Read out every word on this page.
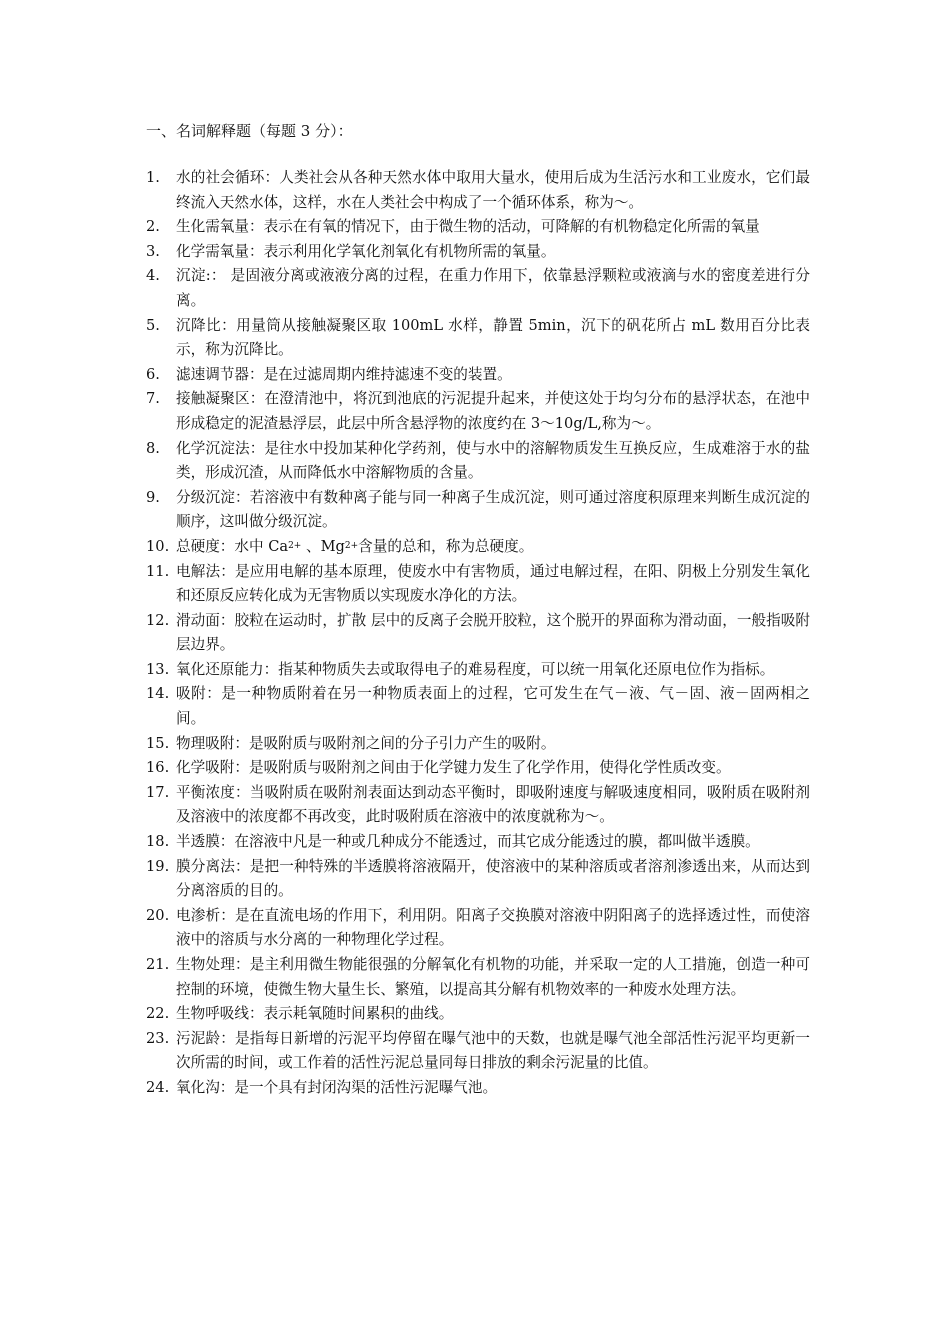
一、名词解释题（每题 3 分）：
1.	水的社会循环：人类社会从各种天然水体中取用大量水，使用后成为生活污水和工业废水，它们最终流入天然水体，这样，水在人类社会中构成了一个循环体系，称为～。
2.	生化需氧量：表示在有氧的情况下，由于微生物的活动，可降解的有机物稳定化所需的氧量
3.	化学需氧量：表示利用化学氧化剂氧化有机物所需的氧量。
4.	沉淀:： 是固液分离或液液分离的过程，在重力作用下，依靠悬浮颗粒或液滴与水的密度差进行分离。
5.	沉降比：用量筒从接触凝聚区取 100mL 水样，静置 5min，沉下的矾花所占 mL 数用百分比表示，称为沉降比。
6.	滤速调节器：是在过滤周期内维持滤速不变的装置。
7.	接触凝聚区：在澄清池中，将沉到池底的污泥提升起来，并使这处于均匀分布的悬浮状态，在池中形成稳定的泥渣悬浮层，此层中所含悬浮物的浓度约在 3～10g/L,称为～。
8.	化学沉淀法：是往水中投加某种化学药剂，使与水中的溶解物质发生互换反应，生成难溶于水的盐类，形成沉渣，从而降低水中溶解物质的含量。
9.	分级沉淀：若溶液中有数种离子能与同一种离子生成沉淀，则可通过溶度积原理来判断生成沉淀的顺序，这叫做分级沉淀。
10. 总硬度：水中 $Ca^{2+}$ 、$Mg^{2+}$含量的总和，称为总硬度。
11. 电解法：是应用电解的基本原理，使废水中有害物质，通过电解过程，在阳、阴极上分别发生氧化和还原反应转化成为无害物质以实现废水净化的方法。
12. 滑动面：胶粒在运动时，扩散 层中的反离子会脱开胶粒，这个脱开的界面称为滑动面，一般指吸附层边界。
13. 氧化还原能力：指某种物质失去或取得电子的难易程度，可以统一用氧化还原电位作为指标。
14. 吸附：是一种物质附着在另一种物质表面上的过程，它可发生在气－液、气－固、液－固两相之间。
15. 物理吸附：是吸附质与吸附剂之间的分子引力产生的吸附。
16. 化学吸附：是吸附质与吸附剂之间由于化学键力发生了化学作用，使得化学性质改变。
17. 平衡浓度：当吸附质在吸附剂表面达到动态平衡时，即吸附速度与解吸速度相同，吸附质在吸附剂及溶液中的浓度都不再改变，此时吸附质在溶液中的浓度就称为～。
18. 半透膜：在溶液中凡是一种或几种成分不能透过，而其它成分能透过的膜，都叫做半透膜。
19. 膜分离法：是把一种特殊的半透膜将溶液隔开，使溶液中的某种溶质或者溶剂渗透出来，从而达到分离溶质的目的。
20. 电渗析：是在直流电场的作用下，利用阴。阳离子交换膜对溶液中阴阳离子的选择透过性，而使溶液中的溶质与水分离的一种物理化学过程。
21. 生物处理：是主利用微生物能很强的分解氧化有机物的功能，并采取一定的人工措施，创造一种可控制的环境，使微生物大量生长、繁殖，以提高其分解有机物效率的一种废水处理方法。
22. 生物呼吸线：表示耗氧随时间累积的曲线。
23. 污泥龄：是指每日新增的污泥平均停留在曝气池中的天数，也就是曝气池全部活性污泥平均更新一次所需的时间，或工作着的活性污泥总量同每日排放的剩余污泥量的比值。
24. 氧化沟：是一个具有封闭沟渠的活性污泥曝气池。
